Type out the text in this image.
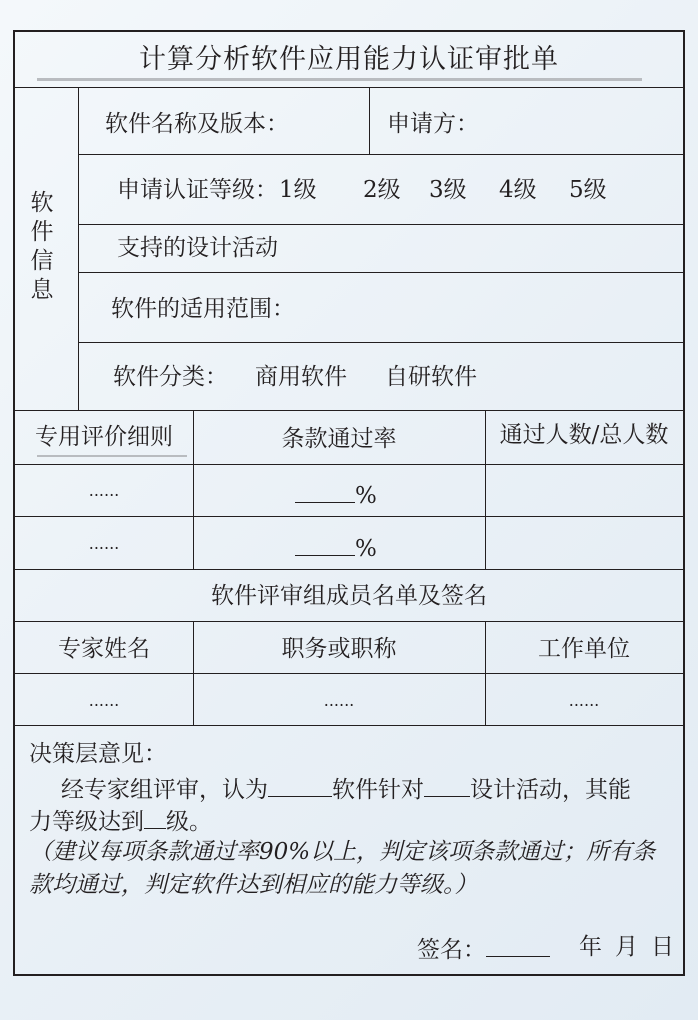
计算分析软件应用能力认证审批单
软
件
信
息
软件名称及版本：	申请方：
申请认证等级： 1级 2级 3级 4级 5级
支持的设计活动
软件的适用范围：
软件分类： 商用软件 自研软件
专用评价细则	条款通过率	通过人数/总人数
......	%
......	%
软件评审组成员名单及签名
专家姓名	职务或职称	工作单位
......	......	......
决策层意见：
经专家组评审，认为	软件针对 设计活动，其能
力等级达到 级。
（建议每项条款通过率90%以上，判定该项条款通过；所有条
款均通过，判定软件达到相应的能力等级。）
签名：	年 月 日
